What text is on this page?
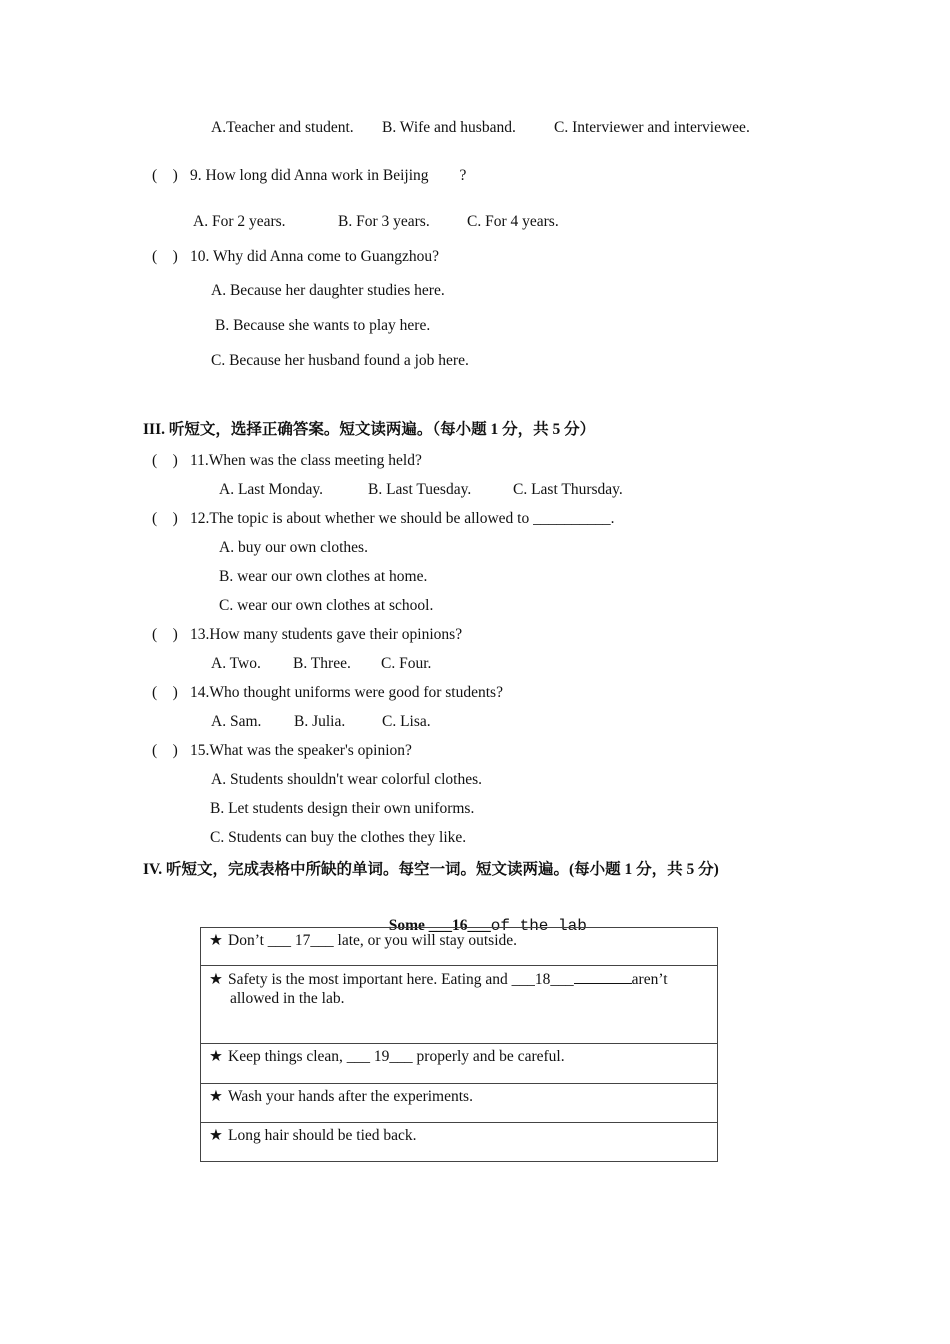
A.Teacher and student. B. Wife and husband. C. Interviewer and interviewee.
(    ) 9. How long did Anna work in Beijing        ?
A. For 2 years.	B. For 3 years. C. For 4 years.
(    ) 10. Why did Anna come to Guangzhou?
A. Because her daughter studies here.
B. Because she wants to play here.
C. Because her husband found a job here.
III. 听短文，选择正确答案。短文读两遍。（每小题 1 分，共 5 分）
(    ) 11.When was the class meeting held?
A. Last Monday.	B. Last Tuesday.	C. Last Thursday.
(    ) 12.The topic is about whether we should be allowed to __________.
A. buy our own clothes.
B. wear our own clothes at home.
C. wear our own clothes at school.
(    ) 13.How many students gave their opinions?
A. Two. B. Three. C. Four.
(    ) 14.Who thought uniforms were good for students?
A. Sam. B. Julia. C. Lisa.
(    ) 15.What was the speaker's opinion?
A. Students shouldn't wear colorful clothes.
B. Let students design their own uniforms.
C. Students can buy the clothes they like.
IV. 听短文，完成表格中所缺的单词。每空一词。短文读两遍。(每小题 1 分，共 5 分)

Some ___16___of the lab

★ Don’t ___ 17___ late, or you will stay outside.
★ Safety is the most important here. Eating and ___18___	aren’t
allowed in the lab.

★ Keep things clean, ___ 19___ properly and be careful.
★ Wash your hands after the experiments.
★ Long hair should be tied back.
